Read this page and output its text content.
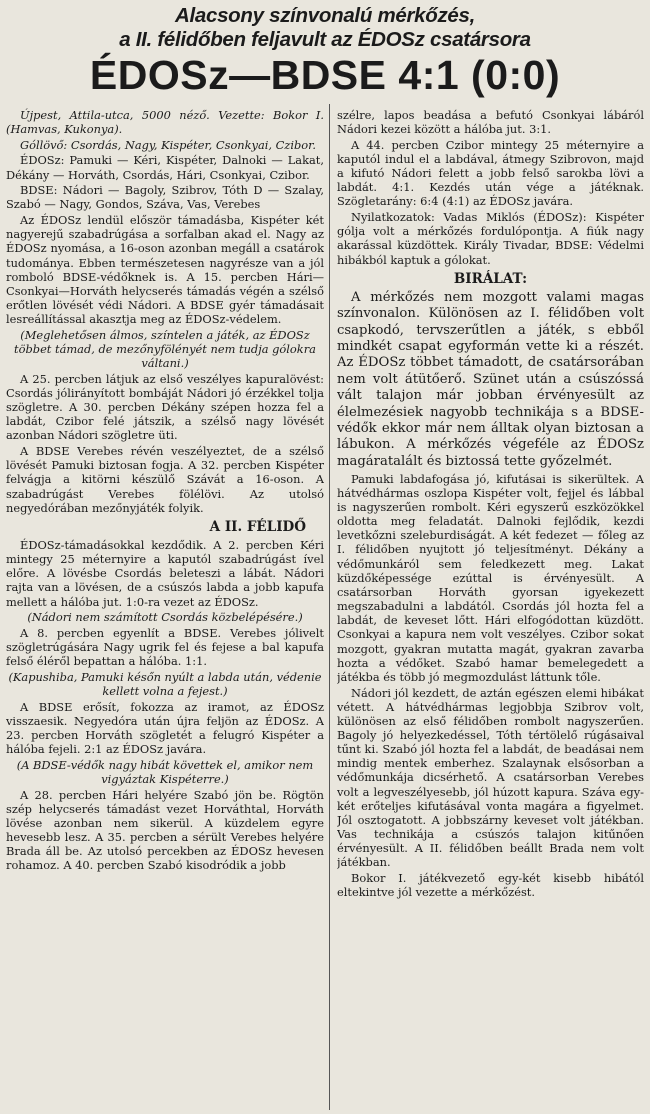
Alacsony színvonalú mérkőzés,
a II. félidőben feljavult az ÉDOSz csatársora
ÉDOSz—BDSE 4:1 (0:0)

Újpest, Attila-utca, 5000 néző. Vezette: Bokor I. (Hamvas, Kukonya).

Góllövő: Csordás, Nagy, Kispéter, Csonkyai, Czibor.

ÉDOSz: Pamuki — Kéri, Kispéter, Dalnoki — Lakat, Dékány — Horváth, Csordás, Hári, Csonkyai, Czibor.

BDSE: Nádori — Bagoly, Szibrov, Tóth D — Szalay, Szabó — Nagy, Gondos, Száva, Vas, Verebes

Az ÉDOSz lendül először támadásba, Kispéter két nagyerejű szabadrúgása a sorfalban akad el. Nagy az ÉDOSz nyomása, a 16-oson azonban megáll a csatárok tudománya. Ebben természetesen nagyrésze van a jól romboló BDSE-védőknek is. A 15. percben Hári—Csonkyai—Horváth helycserés támadás végén a szélső erőtlen lövését védi Nádori. A BDSE gyér támadásait lesreállítással akasztja meg az ÉDOSz-védelem.

(Meglehetősen álmos, színtelen a játék, az ÉDOSz többet támad, de mezőnyfölényét nem tudja gólokra váltani.)

A 25. percben látjuk az első veszélyes kapuralövést: Csordás jólirányított bombáját Nádori jó érzékkel tolja szögletre. A 30. percben Dékány szépen hozza fel a labdát, Czibor felé játszik, a szélső nagy lövését azonban Nádori szögletre üti.

A BDSE Verebes révén veszélyeztet, de a szélső lövését Pamuki biztosan fogja. A 32. percben Kispéter felvágja a kitörni készülő Szávát a 16-oson. A szabadrúgást Verebes fölélövi. Az utolsó negyedórában mezőnyjáték folyik.

A II. FÉLIDŐ

ÉDOSz-támadásokkal kezdődik. A 2. percben Kéri mintegy 25 méternyire a kaputól szabadrúgást ível előre. A lövésbe Csordás beleteszi a lábát. Nádori rajta van a lövésen, de a csúszós labda a jobb kapufa mellett a hálóba jut. 1:0-ra vezet az ÉDOSz.

(Nádori nem számított Csordás közbelépésére.)

A 8. percben egyenlít a BDSE. Verebes jólivelt szögletrúgására Nagy ugrik fel és fejese a bal kapufa felső éléről bepattan a hálóba. 1:1.

(Kapushiba, Pamuki későn nyúlt a labda után, védenie kellett volna a fejest.)

A BDSE erősít, fokozza az iramot, az ÉDOSz visszaesik. Negyedóra után újra feljön az ÉDOSz. A 23. percben Horváth szögletét a felugró Kispéter a hálóba fejeli. 2:1 az ÉDOSz javára.

(A BDSE-védők nagy hibát követtek el, amikor nem vigyáztak Kispéterre.)

A 28. percben Hári helyére Szabó jön be. Rögtön szép helycserés támadást vezet Horváthtal, Horváth lövése azonban nem sikerül. A küzdelem egyre hevesebb lesz. A 35. percben a sérült Verebes helyére Brada áll be. Az utolsó percekben az ÉDOSz hevesen rohamoz. A 40. percben Szabó kisodródik a jobb

szélre, lapos beadása a befutó Csonkyai lábáról Nádori kezei között a hálóba jut. 3:1.

A 44. percben Czibor mintegy 25 méternyire a kaputól indul el a labdával, átmegy Szibrovon, majd a kifutó Nádori felett a jobb felső sarokba lövi a labdát. 4:1. Kezdés után vége a játéknak. Szögletarány: 6:4 (4:1) az ÉDOSz javára.

Nyilatkozatok: Vadas Miklós (ÉDOSz): Kispéter gólja volt a mérkőzés fordulópontja. A fiúk nagy akarással küzdöttek. Király Tivadar, BDSE: Védelmi hibákból kaptuk a gólokat.

BIRÁLAT:

A mérkőzés nem mozgott valami magas színvonalon. Különösen az I. félidőben volt csapkodó, tervszerűtlen a játék, s ebből mindkét csapat egyformán vette ki a részét. Az ÉDOSz többet támadott, de csatársorában nem volt átütőerő. Szünet után a csúszóssá vált talajon már jobban érvényesült az élelmezésiek nagyobb technikája s a BDSE-védők ekkor már nem álltak olyan biztosan a lábukon. A mérkőzés végeféle az ÉDOSz magáratalált és biztossá tette győzelmét.

Pamuki labdafogása jó, kifutásai is sikerültek. A hátvédhármas oszlopa Kispéter volt, fejjel és lábbal is nagyszerűen rombolt. Kéri egyszerű eszközökkel oldotta meg feladatát. Dalnoki fejlődik, kezdi levetkőzni szeleburdiságát. A két fedezet — főleg az I. félidőben nyujtott jó teljesítményt. Dékány a védőmunkáról sem feledkezett meg. Lakat küzdőképessége ezúttal is érvényesült. A csatársorban Horváth gyorsan igyekezett megszabadulni a labdától. Csordás jól hozta fel a labdát, de keveset lőtt. Hári elfogódottan küzdött. Csonkyai a kapura nem volt veszélyes. Czibor sokat mozgott, gyakran mutatta magát, gyakran zavarba hozta a védőket. Szabó hamar bemelegedett a játékba és több jó megmozdulást láttunk tőle.

Nádori jól kezdett, de aztán egészen elemi hibákat vétett. A hátvédhármas legjobbja Szibrov volt, különösen az első félidőben rombolt nagyszerűen. Bagoly jó helyezkedéssel, Tóth tértölelő rúgásaival tűnt ki. Szabó jól hozta fel a labdát, de beadásai nem mindig mentek emberhez. Szalaynak elsősorban a védőmunkája dicsérhető. A csatársorban Verebes volt a legveszélyesebb, jól húzott kapura. Száva egy-két erőteljes kifutásával vonta magára a figyelmet. Jól osztogatott. A jobbszárny keveset volt játékban. Vas technikája a csúszós talajon kitűnően érvényesült. A II. félidőben beállt Brada nem volt játékban.

Bokor I. játékvezető egy-két kisebb hibától eltekintve jól vezette a mérkőzést.
